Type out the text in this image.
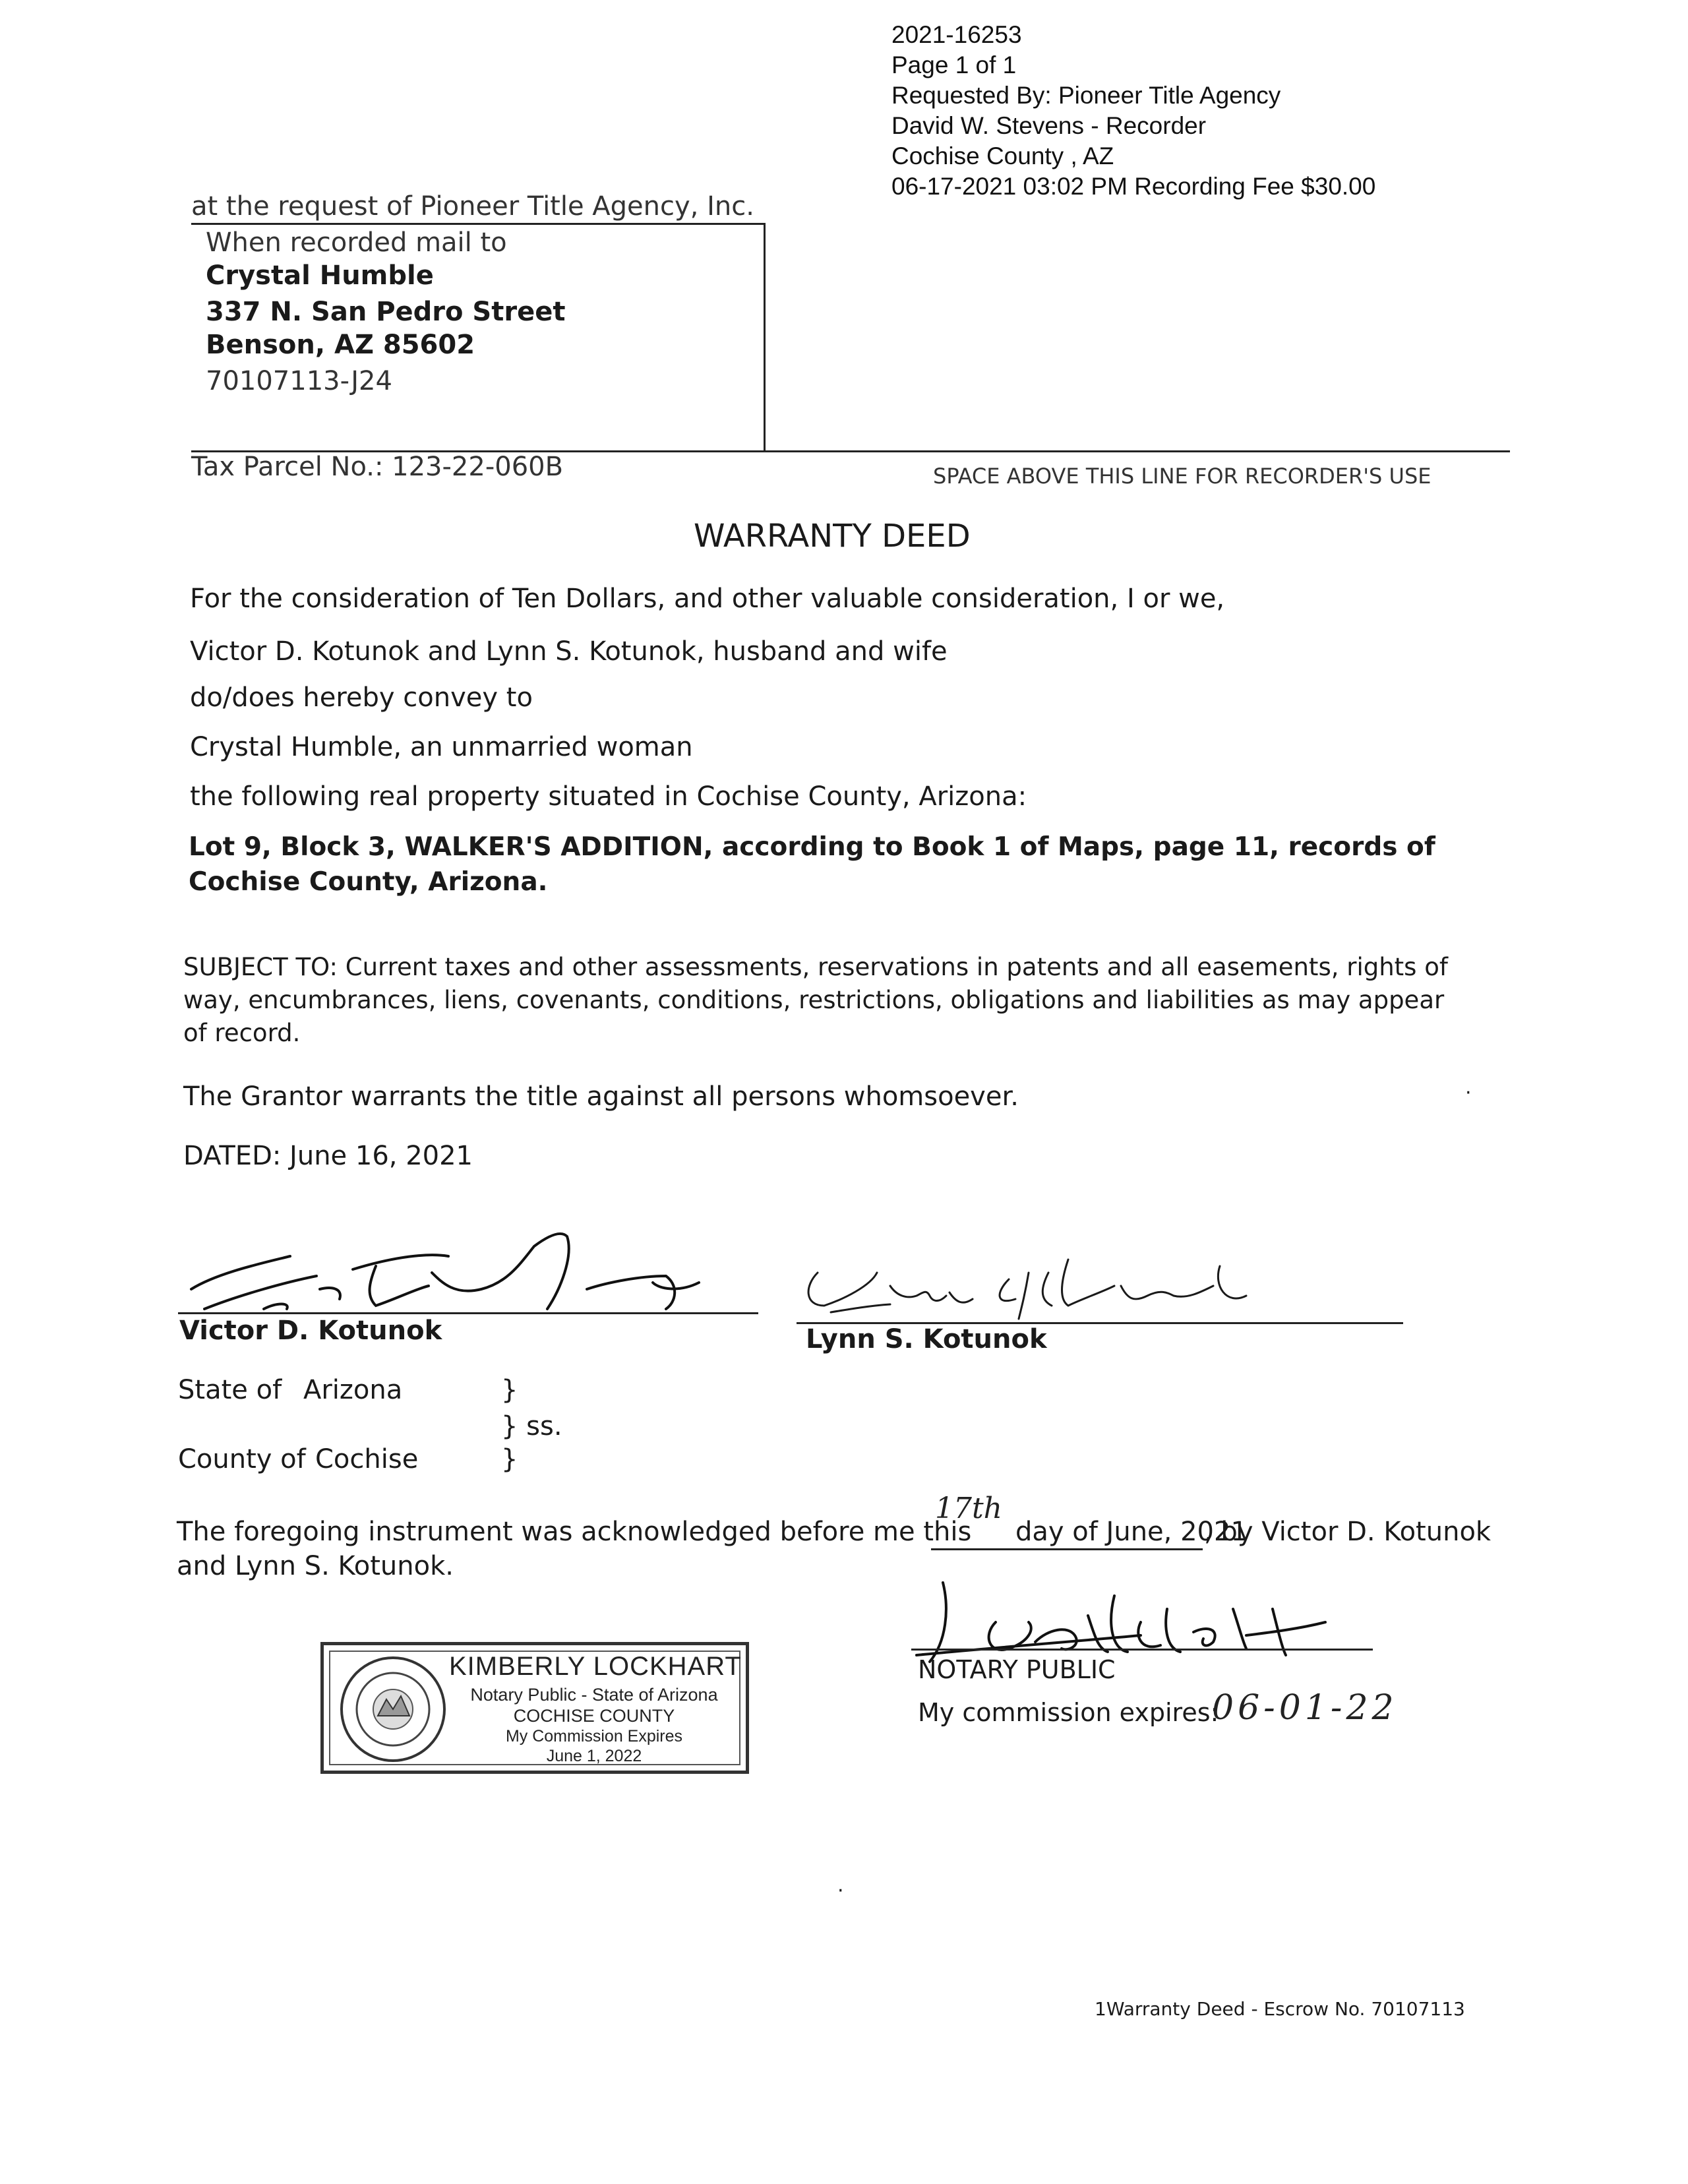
2021-16253
Page 1 of 1
Requested By: Pioneer Title Agency
David W. Stevens - Recorder
Cochise County , AZ
06-17-2021 03:02 PM Recording Fee $30.00
at the request of Pioneer Title Agency, Inc.
When recorded mail to
Crystal Humble
337 N. San Pedro Street
Benson, AZ 85602
70107113-J24
Tax Parcel No.: 123-22-060B	SPACE ABOVE THIS LINE FOR RECORDER'S USE
WARRANTY DEED
For the consideration of Ten Dollars, and other valuable consideration, I or we,
Victor D. Kotunok and Lynn S. Kotunok, husband and wife
do/does hereby convey to
Crystal Humble, an unmarried woman
the following real property situated in Cochise County, Arizona:
Lot 9, Block 3, WALKER'S ADDITION, according to Book 1 of Maps, page 11, records of
Cochise County, Arizona.
SUBJECT TO: Current taxes and other assessments, reservations in patents and all easements, rights of
way, encumbrances, liens, covenants, conditions, restrictions, obligations and liabilities as may appear
of record.
The Grantor warrants the title against all persons whomsoever.
DATED: June 16, 2021
Victor D. Kotunok	Lynn S. Kotunok
State of Arizona	}
} ss.
County of Cochise	}
The foregoing instrument was acknowledged before me this
17th
day of June, 2021
, by Victor D. Kotunok
and Lynn S. Kotunok.
NOTARY PUBLIC
My commission expires:
06-01-22
KIMBERLY LOCKHART
Notary Public - State of Arizona
COCHISE COUNTY
My Commission Expires
June 1, 2022
·
·
1Warranty Deed - Escrow No. 70107113
